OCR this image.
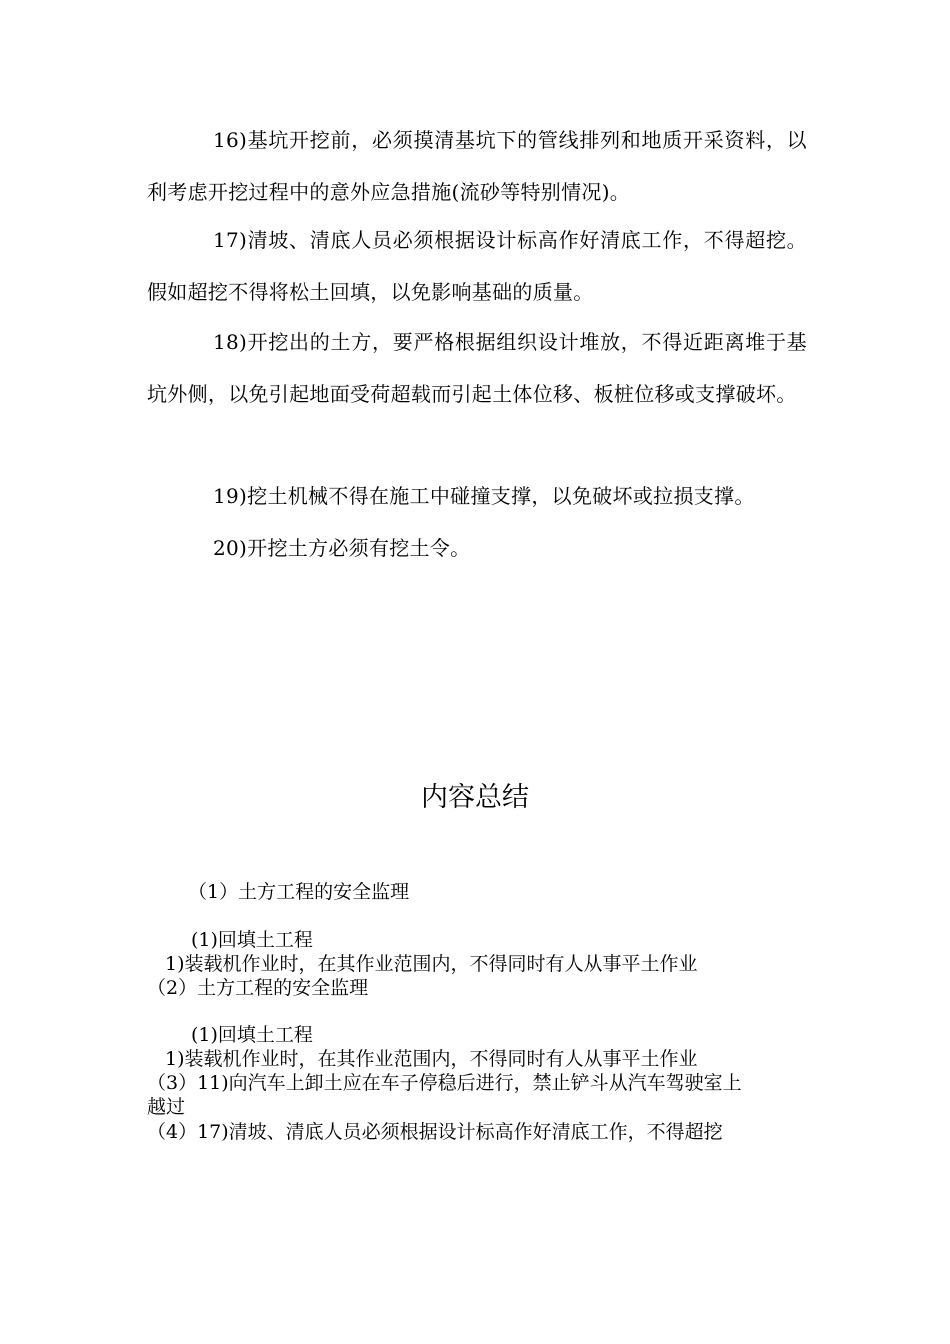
16)基坑开挖前，必须摸清基坑下的管线排列和地质开采资料，以利考虑开挖过程中的意外应急措施(流砂等特别情况)。

17)清坡、清底人员必须根据设计标高作好清底工作，不得超挖。假如超挖不得将松土回填，以免影响基础的质量。

18)开挖出的土方，要严格根据组织设计堆放，不得近距离堆于基坑外侧，以免引起地面受荷超载而引起土体位移、板桩位移或支撑破坏。

19)挖土机械不得在施工中碰撞支撑，以免破坏或拉损支撑。

20)开挖土方必须有挖土令。

内容总结

（1）土方工程的安全监理

(1)回填土工程

1)装载机作业时，在其作业范围内，不得同时有人从事平土作业

（2）土方工程的安全监理

(1)回填土工程

1)装载机作业时，在其作业范围内，不得同时有人从事平土作业

（3）11)向汽车上卸土应在车子停稳后进行，禁止铲斗从汽车驾驶室上

越过

（4）17)清坡、清底人员必须根据设计标高作好清底工作，不得超挖
